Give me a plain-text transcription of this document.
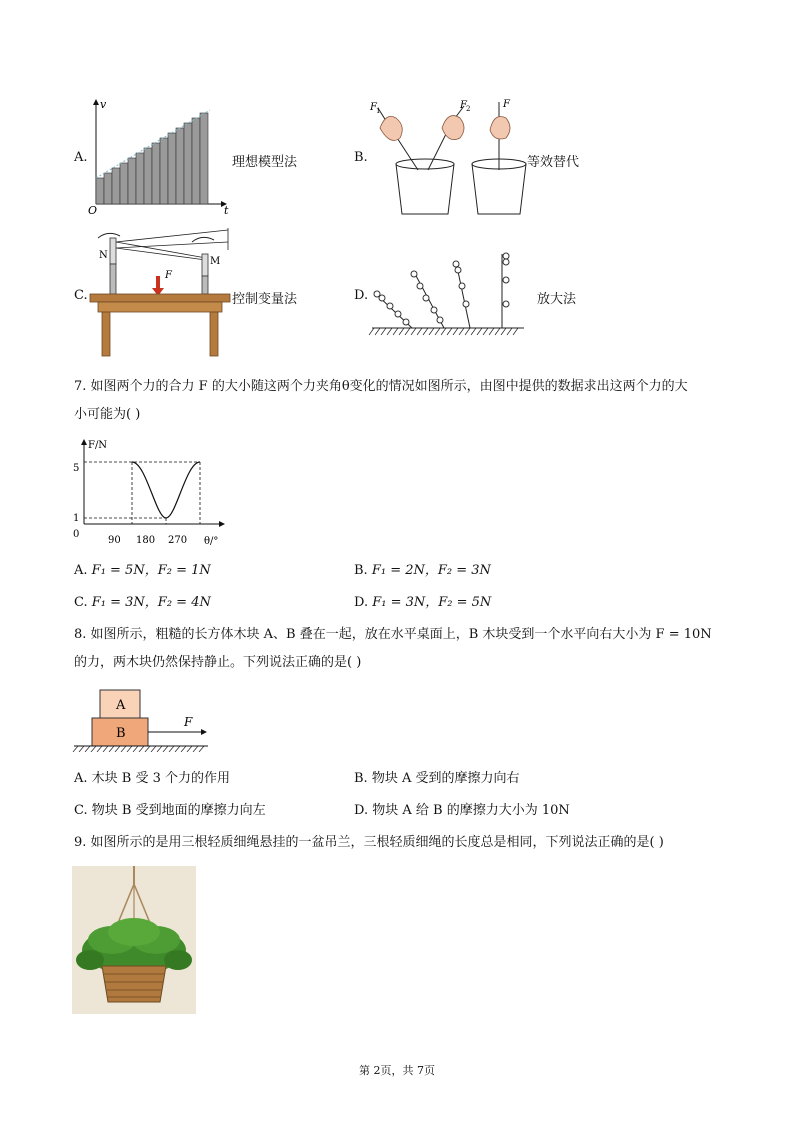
A.
v
t
O
理想模型法	B.
F 1	F 2	F
等效替代
C.
N
M
F
控制变量法	D.	放大法
7. 如图两个力的合力 F 的大小随这两个力夹角θ变化的情况如图所示，由图中提供的数据求出这两个力的大
小可能为( )
F/N
θ/°
5
1
0
90 180 270
A. F₁ = 5N，F₂ = 1N	B. F₁ = 2N，F₂ = 3N
C. F₁ = 3N，F₂ = 4N	D. F₁ = 3N，F₂ = 5N
8. 如图所示，粗糙的长方体木块 A、B 叠在一起，放在水平桌面上，B 木块受到一个水平向右大小为 F = 10N
的力，两木块仍然保持静止。下列说法正确的是( )
A
B
F
A. 木块 B 受 3 个力的作用	B. 物块 A 受到的摩擦力向右
C. 物块 B 受到地面的摩擦力向左	D. 物块 A 给 B 的摩擦力大小为 10N
9. 如图所示的是用三根轻质细绳悬挂的一盆吊兰，三根轻质细绳的长度总是相同，下列说法正确的是( )
第 2页，共 7页
